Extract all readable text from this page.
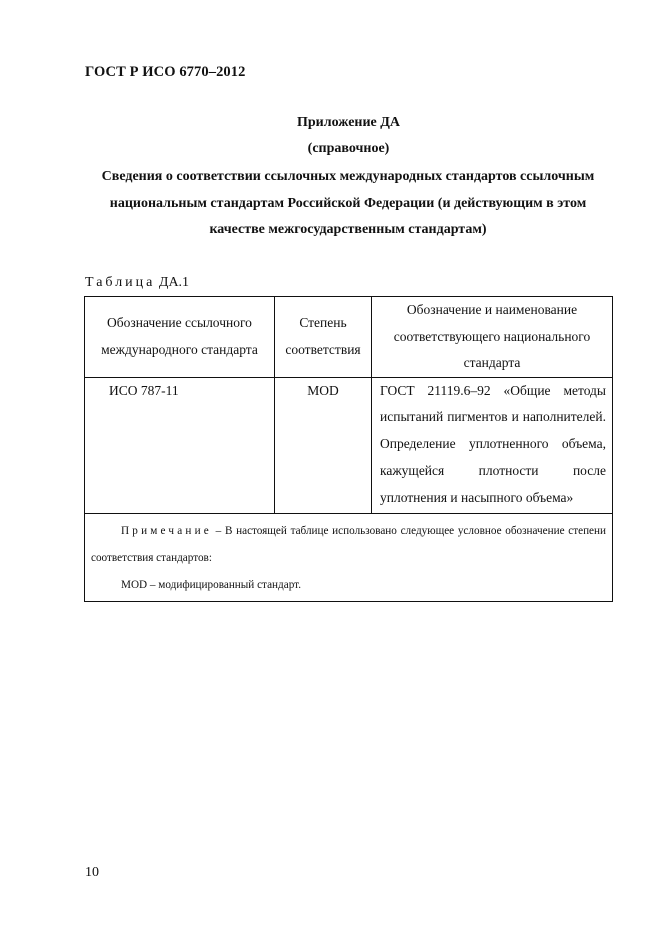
ГОСТ Р ИСО 6770–2012
Приложение ДА
(справочное)
Сведения о соответствии ссылочных международных стандартов ссылочным национальным стандартам Российской Федерации (и действующим в этом качестве межгосударственным стандартам)
Таблица ДА.1
Обозначение ссылочного международного стандарта	Степень соответствия	Обозначение и наименование соответствующего национального стандарта
ИСО 787-11	MOD	ГОСТ 21119.6–92 «Общие методы испытаний пигментов и наполнителей. Определение уплотненного объема, кажущейся плотности после уплотнения и насыпного объема»

Примечание – В настоящей таблице использовано следующее условное обозначение степени соответствия стандартов:
MOD – модифицированный стандарт.		
10
